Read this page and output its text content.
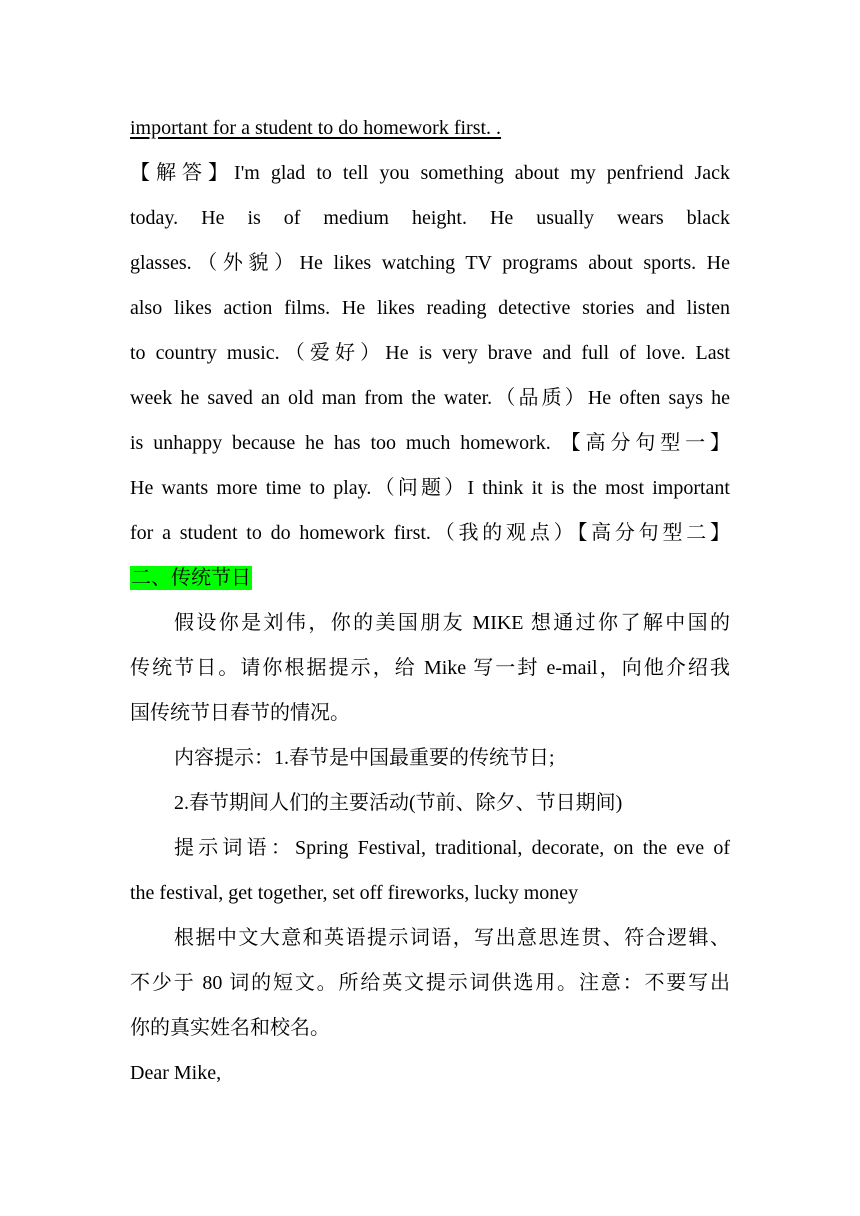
important for a student to do homework first. .
【解答】I'm glad to tell you something about my penfriend Jack
today. He is of medium height. He usually wears black
glasses.（外貌）He likes watching TV programs about sports. He
also likes action films. He likes reading detective stories and listen
to country music.（爱好）He is very brave and full of love. Last
week he saved an old man from the water.（品质）He often says he
is unhappy because he has too much homework. 【高分句型一】
He wants more time to play.（问题）I think it is the most important
for a student to do homework first.（我的观点）【高分句型二】
二、传统节日
假设你是刘伟，你的美国朋友 MIKE 想通过你了解中国的
传统节日。请你根据提示，给 Mike 写一封 e-mail，向他介绍我
国传统节日春节的情况。
内容提示：1.春节是中国最重要的传统节日;
2.春节期间人们的主要活动(节前、除夕、节日期间)
提示词语：Spring Festival, traditional, decorate, on the eve of
the festival, get together, set off fireworks, lucky money
根据中文大意和英语提示词语，写出意思连贯、符合逻辑、
不少于 80 词的短文。所给英文提示词供选用。注意：不要写出
你的真实姓名和校名。
Dear Mike,
